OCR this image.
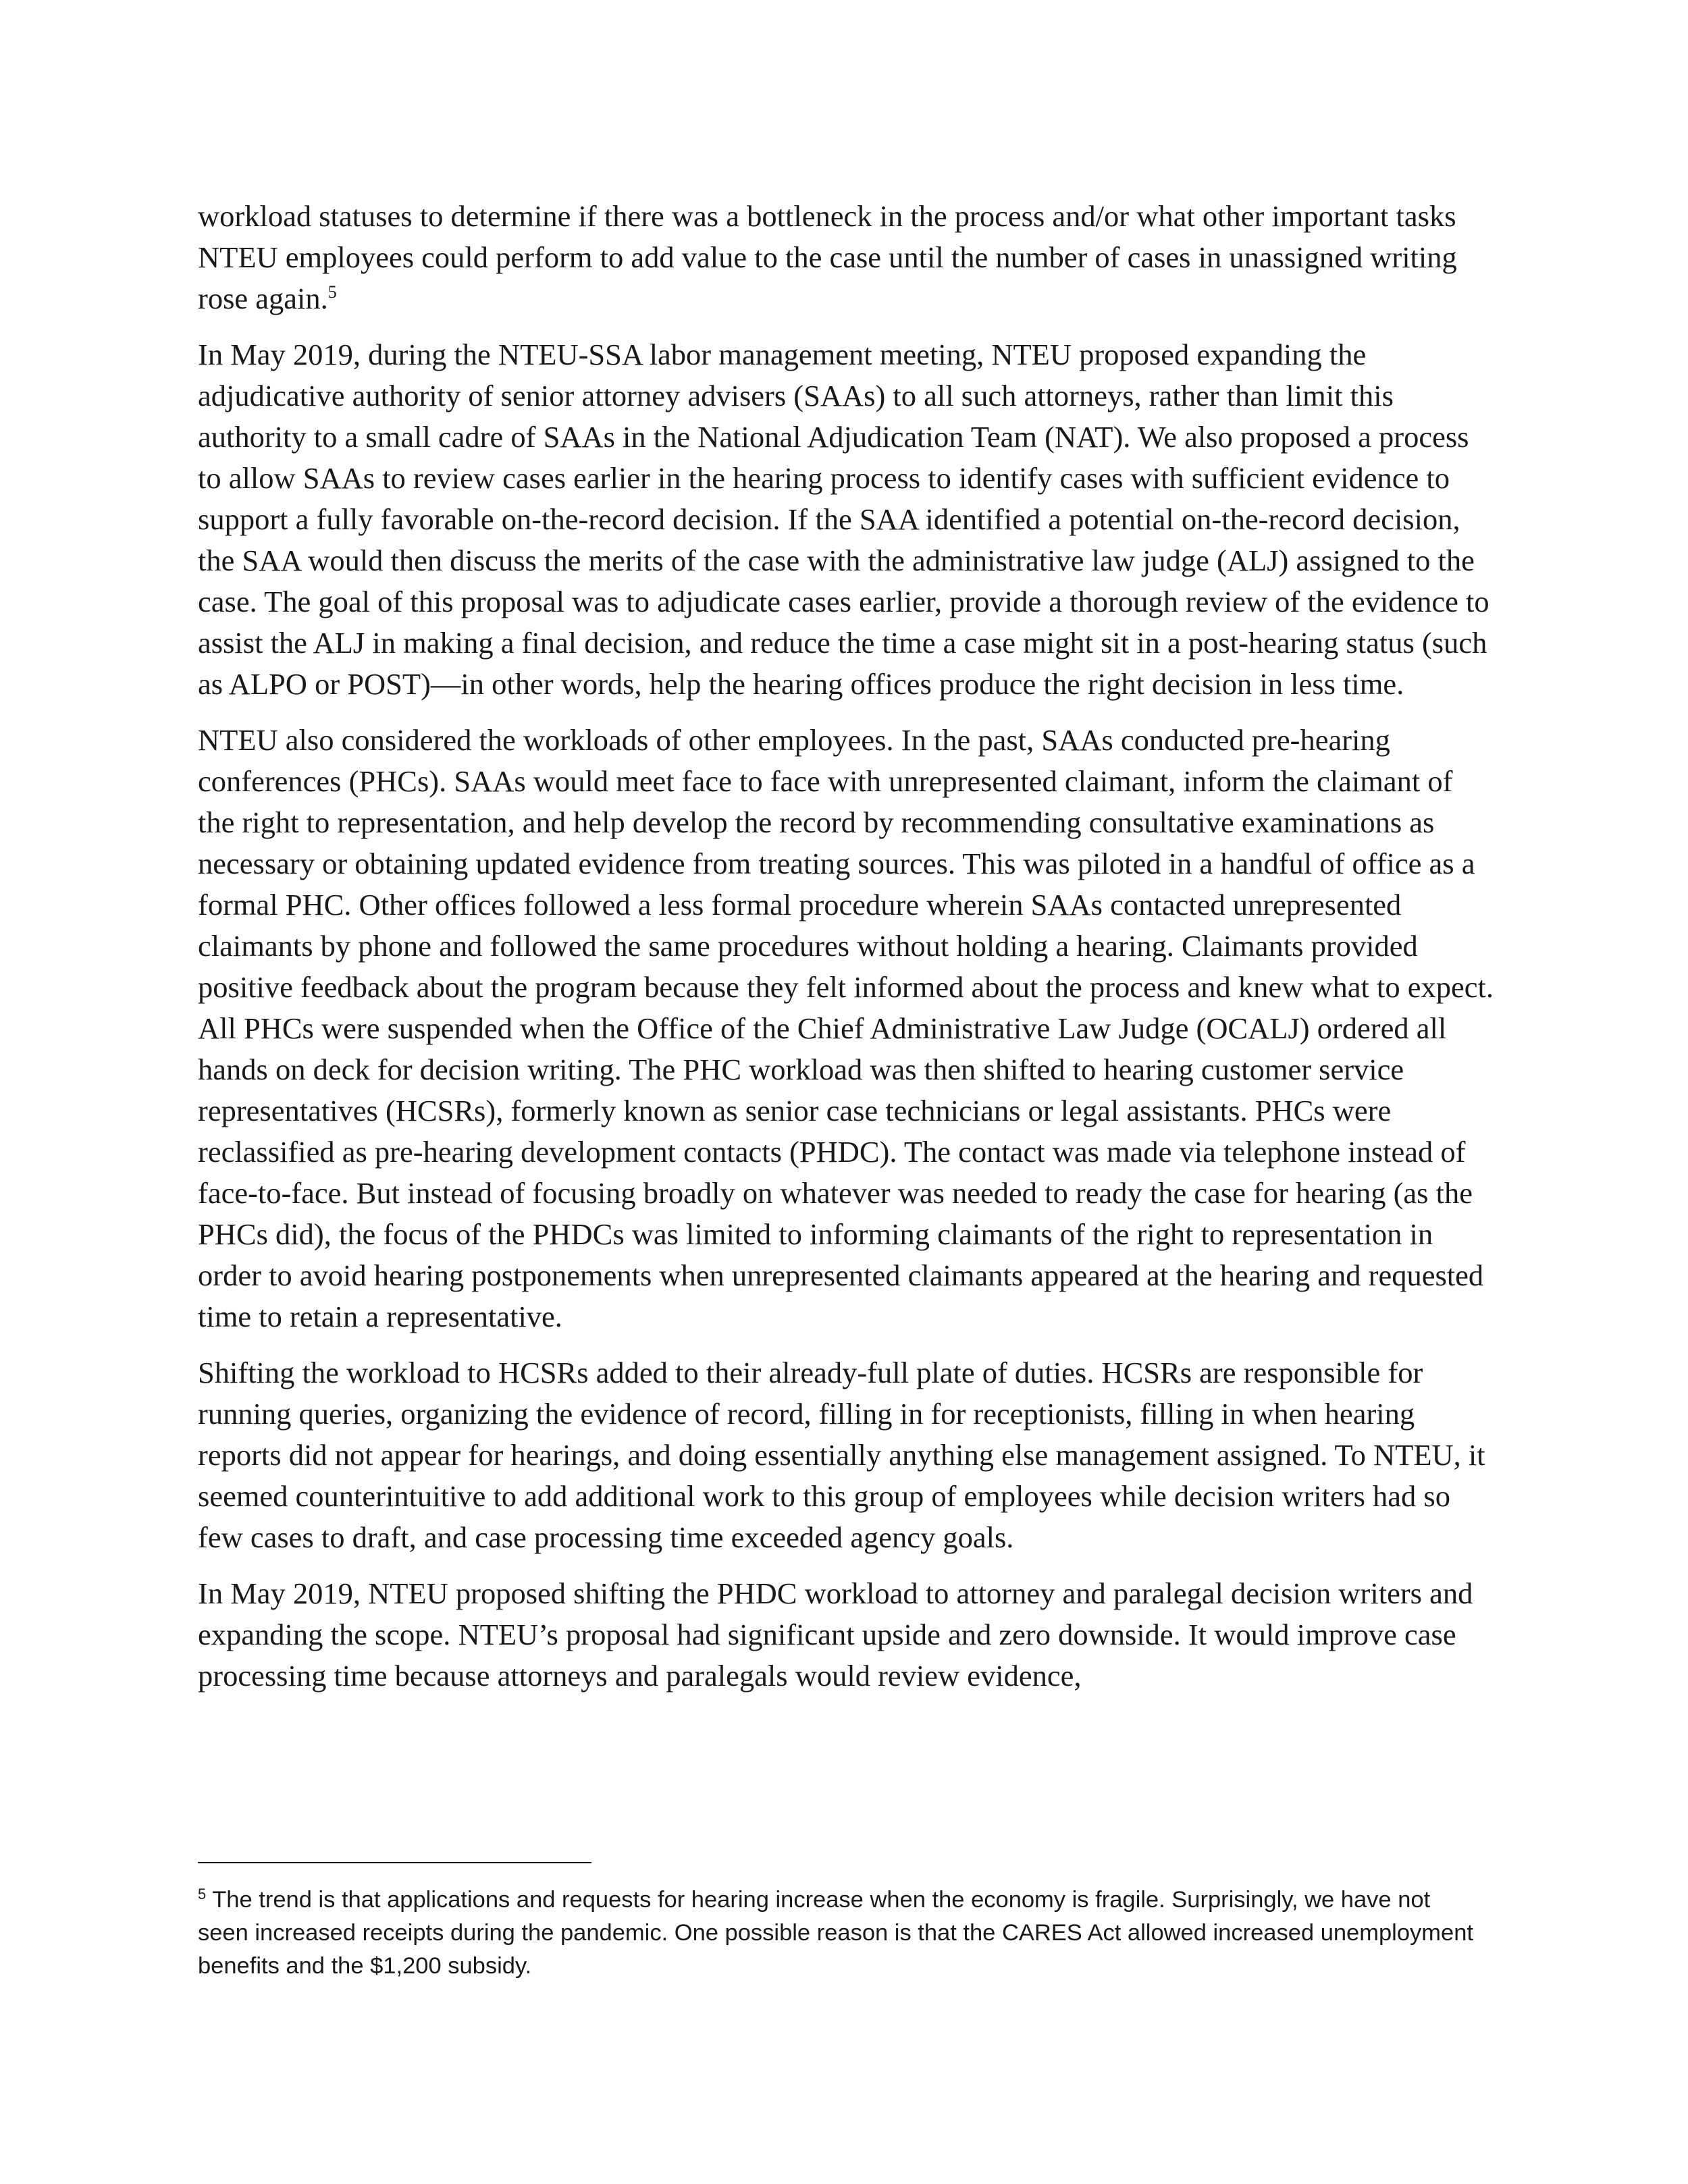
workload statuses to determine if there was a bottleneck in the process and/or what other important tasks NTEU employees could perform to add value to the case until the number of cases in unassigned writing rose again.$^5$

In May 2019, during the NTEU-SSA labor management meeting, NTEU proposed expanding the adjudicative authority of senior attorney advisers (SAAs) to all such attorneys, rather than limit this authority to a small cadre of SAAs in the National Adjudication Team (NAT). We also proposed a process to allow SAAs to review cases earlier in the hearing process to identify cases with sufficient evidence to support a fully favorable on-the-record decision. If the SAA identified a potential on-the-record decision, the SAA would then discuss the merits of the case with the administrative law judge (ALJ) assigned to the case. The goal of this proposal was to adjudicate cases earlier, provide a thorough review of the evidence to assist the ALJ in making a final decision, and reduce the time a case might sit in a post-hearing status (such as ALPO or POST)—in other words, help the hearing offices produce the right decision in less time.

NTEU also considered the workloads of other employees. In the past, SAAs conducted pre-hearing conferences (PHCs). SAAs would meet face to face with unrepresented claimant, inform the claimant of the right to representation, and help develop the record by recommending consultative examinations as necessary or obtaining updated evidence from treating sources. This was piloted in a handful of office as a formal PHC. Other offices followed a less formal procedure wherein SAAs contacted unrepresented claimants by phone and followed the same procedures without holding a hearing. Claimants provided positive feedback about the program because they felt informed about the process and knew what to expect. All PHCs were suspended when the Office of the Chief Administrative Law Judge (OCALJ) ordered all hands on deck for decision writing. The PHC workload was then shifted to hearing customer service representatives (HCSRs), formerly known as senior case technicians or legal assistants. PHCs were reclassified as pre-hearing development contacts (PHDC). The contact was made via telephone instead of face-to-face. But instead of focusing broadly on whatever was needed to ready the case for hearing (as the PHCs did), the focus of the PHDCs was limited to informing claimants of the right to representation in order to avoid hearing postponements when unrepresented claimants appeared at the hearing and requested time to retain a representative.

Shifting the workload to HCSRs added to their already-full plate of duties. HCSRs are responsible for running queries, organizing the evidence of record, filling in for receptionists, filling in when hearing reports did not appear for hearings, and doing essentially anything else management assigned. To NTEU, it seemed counterintuitive to add additional work to this group of employees while decision writers had so few cases to draft, and case processing time exceeded agency goals.

In May 2019, NTEU proposed shifting the PHDC workload to attorney and paralegal decision writers and expanding the scope. NTEU’s proposal had significant upside and zero downside. It would improve case processing time because attorneys and paralegals would review evidence,

$^5$ The trend is that applications and requests for hearing increase when the economy is fragile. Surprisingly, we have not seen increased receipts during the pandemic. One possible reason is that the CARES Act allowed increased unemployment benefits and the $1,200 subsidy.
